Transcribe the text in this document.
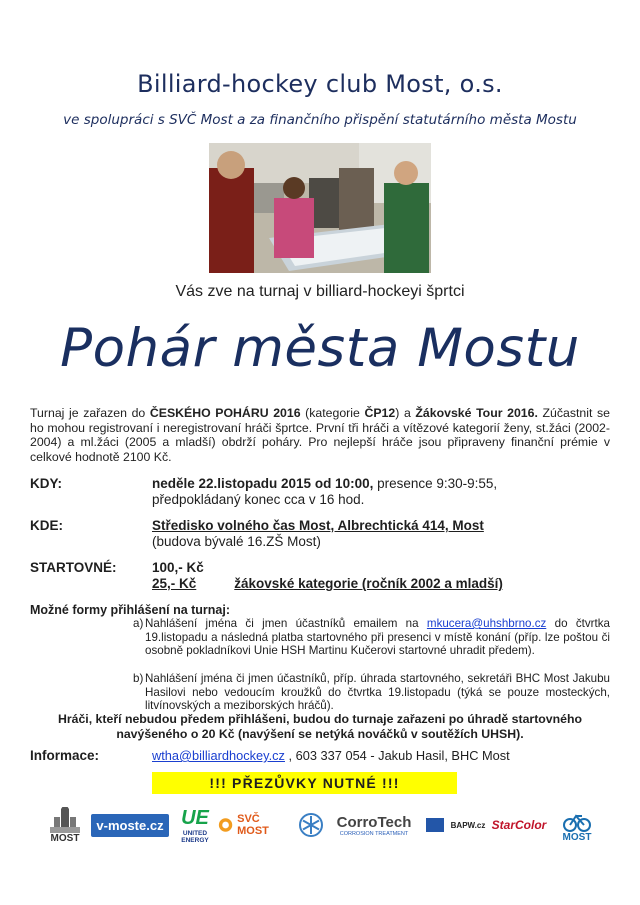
Billiard-hockey club Most, o.s.
ve spolupráci s SVČ Most a za finančního přispění statutárního města Mostu
Vás zve na turnaj v billiard-hockeyi šprtci
Pohár města Mostu
Turnaj je zařazen do ČESKÉHO POHÁRU 2016 (kategorie ČP12) a Žákovské Tour 2016. Zúčastnit se ho mohou registrovaní i neregistrovaní hráči šprtce. První tři hráči a vítězové kategorií ženy, st.žáci (2002-2004) a ml.žáci (2005 a mladší) obdrží poháry. Pro nejlepší hráče jsou připraveny finanční prémie v celkové hodnotě 2100 Kč.
KDY:	neděle 22.listopadu 2015 od 10:00, presence 9:30-9:55,
předpokládaný konec cca v 16 hod.
KDE:	Středisko volného čas Most, Albrechtická 414, Most
(budova bývalé 16.ZŠ Most)
STARTOVNÉ:	100,- Kč
25,- Kč	žákovské kategorie (ročník 2002 a mladší)
Možné formy přihlášení na turnaj:
a) Nahlášení jména či jmen účastníků emailem na mkucera@uhshbrno.cz do čtvrtka 19.listopadu a následná platba startovného při presenci v místě konání (příp. lze poštou či osobně pokladníkovi Unie HSH Martinu Kučerovi startovné uhradit předem).
b) Nahlášení jména či jmen účastníků, příp. úhrada startovného, sekretáři BHC Most Jakubu Hasilovi nebo vedoucím kroužků do čtvrtka 19.listopadu (týká se pouze mosteckých, litvínovských a meziborských hráčů).
Hráči, kteří nebudou předem přihlášeni, budou do turnaje zařazeni po úhradě startovného navýšeného o 20 Kč (navýšení se netýká nováčků v soutěžích UHSH).
Informace:	wtha@billiardhockey.cz , 603 337 054 - Jakub Hasil, BHC Most
!!! PŘEZŮVKY NUTNÉ !!!
MOST
v-moste.cz UE
UNITED ENERGY
SVČ MOST
CorroTech
CORROSION TREATMENT
BAPW.cz StarColor
MOST
